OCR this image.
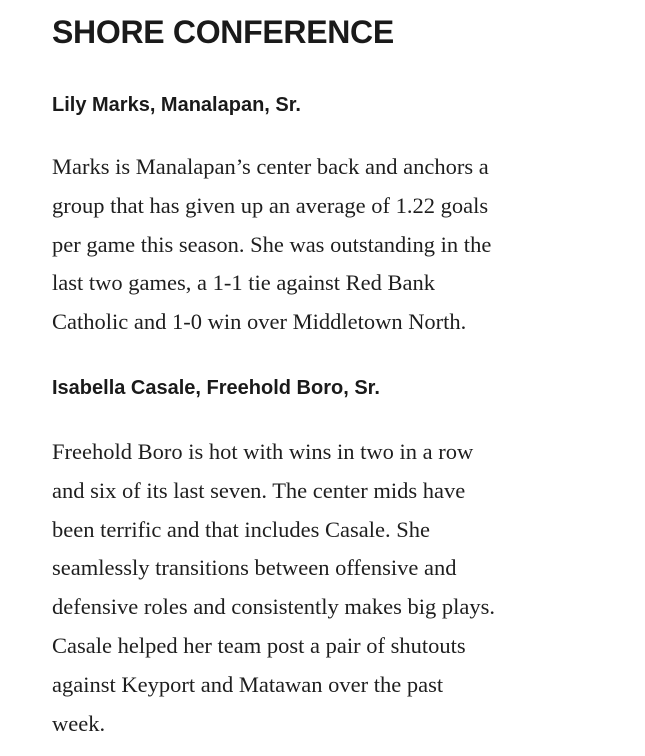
SHORE CONFERENCE
Lily Marks, Manalapan, Sr.

Marks is Manalapan’s center back and anchors a
group that has given up an average of 1.22 goals
per game this season. She was outstanding in the
last two games, a 1-1 tie against Red Bank
Catholic and 1-0 win over Middletown North.

Isabella Casale, Freehold Boro, Sr.

Freehold Boro is hot with wins in two in a row
and six of its last seven. The center mids have
been terrific and that includes Casale. She
seamlessly transitions between offensive and
defensive roles and consistently makes big plays.
Casale helped her team post a pair of shutouts
against Keyport and Matawan over the past
week.
